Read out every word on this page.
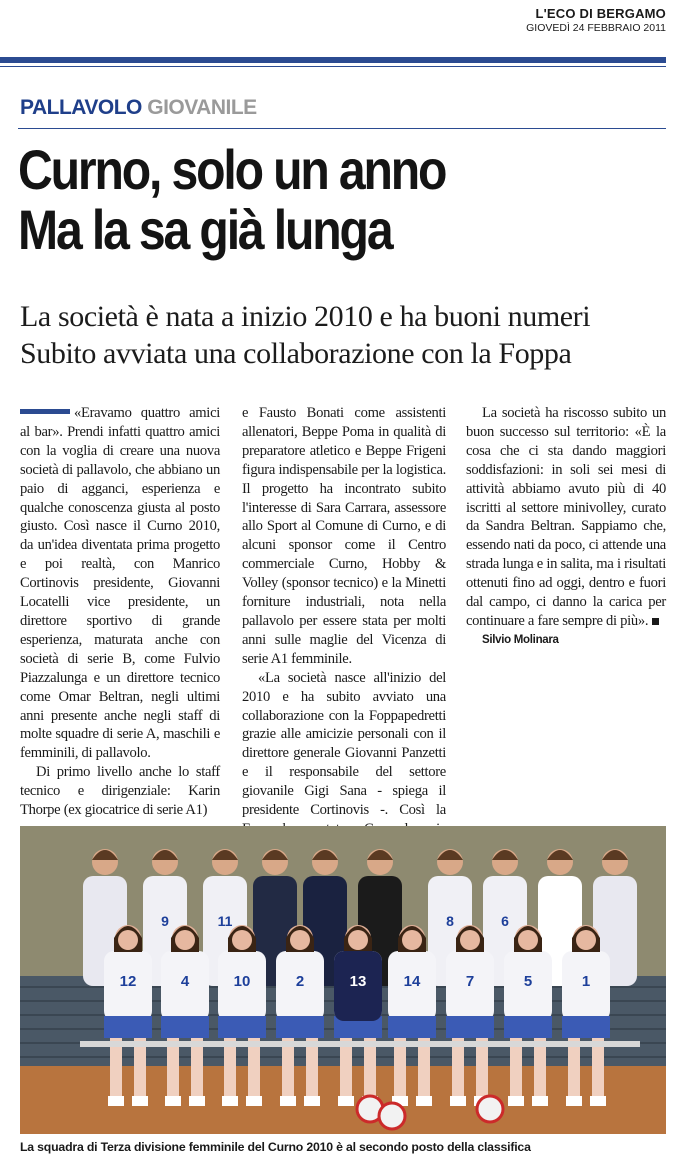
L'ECO DI BERGAMO
GIOVEDÌ 24 FEBBRAIO 2011
PALLAVOLO GIOVANILE
Curno, solo un anno
Ma la sa già lunga
La società è nata a inizio 2010 e ha buoni numeri
Subito avviata una collaborazione con la Foppa

«Eravamo quattro amici al bar». Prendi infatti quattro amici con la voglia di creare una nuova società di pallavolo, che abbiano un paio di agganci, esperienza e qualche conoscenza giusta al posto giusto. Così nasce il Curno 2010, da un'idea diventata prima progetto e poi realtà, con Manrico Cortinovis presidente, Giovanni Locatelli vice presidente, un direttore sportivo di grande esperienza, maturata anche con società di serie B, come Fulvio Piazzalunga e un direttore tecnico come Omar Beltran, negli ultimi anni presente anche negli staff di molte squadre di serie A, maschili e femminili, di pallavolo.

Di primo livello anche lo staff tecnico e dirigenziale: Karin Thorpe (ex giocatrice di serie A1)

e Fausto Bonati come assistenti allenatori, Beppe Poma in qualità di preparatore atletico e Beppe Frigeni figura indispensabile per la logistica. Il progetto ha incontrato subito l'interesse di Sara Carrara, assessore allo Sport al Comune di Curno, e di alcuni sponsor come il Centro commerciale Curno, Hobby & Volley (sponsor tecnico) e la Minetti forniture industriali, nota nella pallavolo per essere stata per molti anni sulle maglie del Vicenza di serie A1 femminile.

«La società nasce all'inizio del 2010 e ha subito avviato una collaborazione con la Foppapedretti grazie alle amicizie personali con il direttore generale Giovanni Panzetti e il responsabile del settore giovanile Gigi Sana - spiega il presidente Cortinovis -. Così la

La società ha riscosso subito un buon successo sul territorio: «È la cosa che ci sta dando maggiori soddisfazioni: in soli sei mesi di attività abbiamo avuto più di 40 iscritti al settore minivolley, curato da Sandra Beltran. Sappiamo che, essendo nati da poco, ci attende una strada lunga e in salita, ma i risultati ottenuti fino ad oggi, dentro e fuori dal campo, ci danno la carica per continuare a fare sempre di più».

Silvio Molinara

9	11	8	6
12	4	10	2	13 14	7	5	1
La squadra di Terza divisione femminile del Curno 2010 è al secondo posto della classifica
